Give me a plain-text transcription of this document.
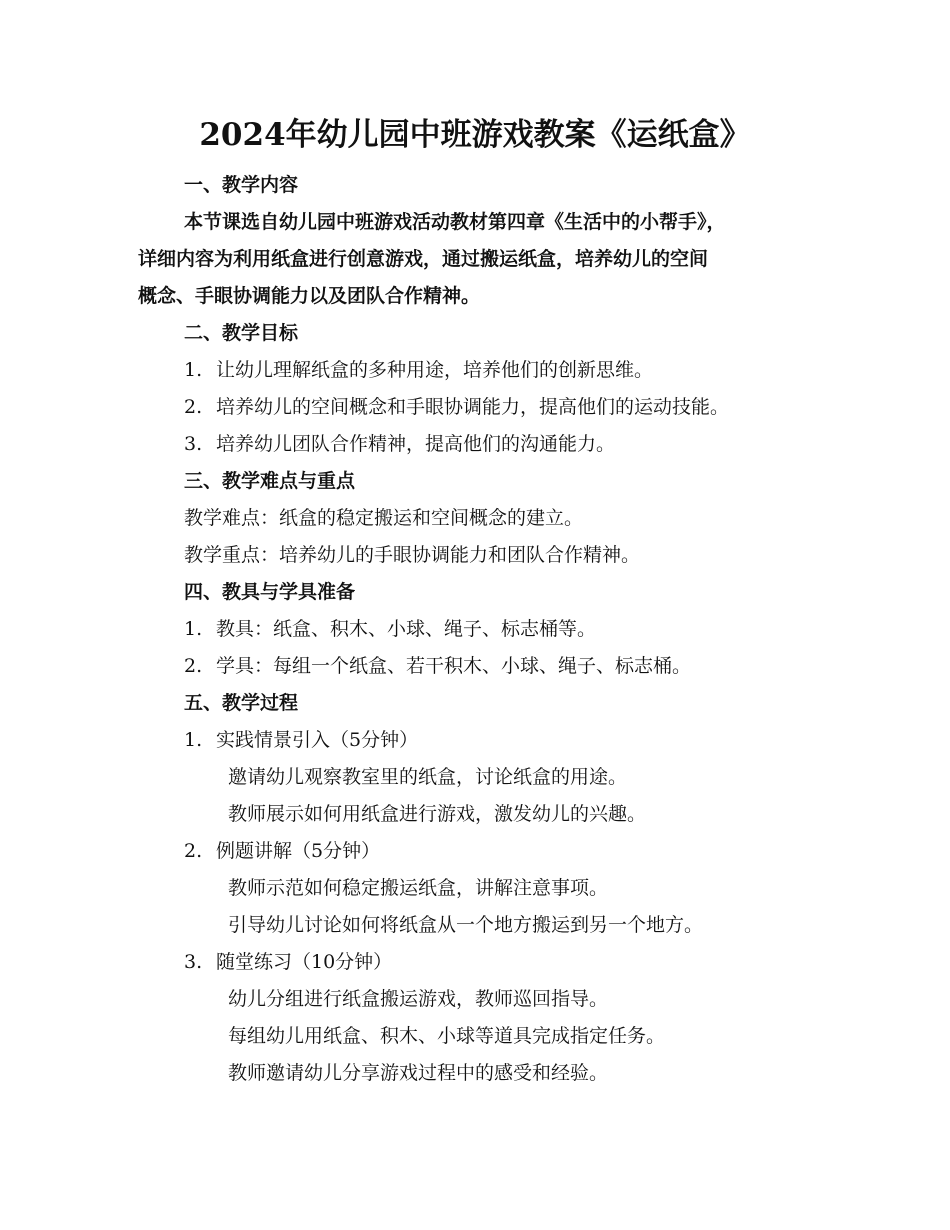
2024年幼儿园中班游戏教案《运纸盒》
一、教学内容
本节课选自幼儿园中班游戏活动教材第四章《生活中的小帮手》，
详细内容为利用纸盒进行创意游戏，通过搬运纸盒，培养幼儿的空间
概念、手眼协调能力以及团队合作精神。
二、教学目标
1. 让幼儿理解纸盒的多种用途，培养他们的创新思维。
2. 培养幼儿的空间概念和手眼协调能力，提高他们的运动技能。
3. 培养幼儿团队合作精神，提高他们的沟通能力。
三、教学难点与重点
教学难点：纸盒的稳定搬运和空间概念的建立。
教学重点：培养幼儿的手眼协调能力和团队合作精神。
四、教具与学具准备
1. 教具：纸盒、积木、小球、绳子、标志桶等。
2. 学具：每组一个纸盒、若干积木、小球、绳子、标志桶。
五、教学过程
1. 实践情景引入（5分钟）
邀请幼儿观察教室里的纸盒，讨论纸盒的用途。
教师展示如何用纸盒进行游戏，激发幼儿的兴趣。
2. 例题讲解（5分钟）
教师示范如何稳定搬运纸盒，讲解注意事项。
引导幼儿讨论如何将纸盒从一个地方搬运到另一个地方。
3. 随堂练习（10分钟）
幼儿分组进行纸盒搬运游戏，教师巡回指导。
每组幼儿用纸盒、积木、小球等道具完成指定任务。
教师邀请幼儿分享游戏过程中的感受和经验。
